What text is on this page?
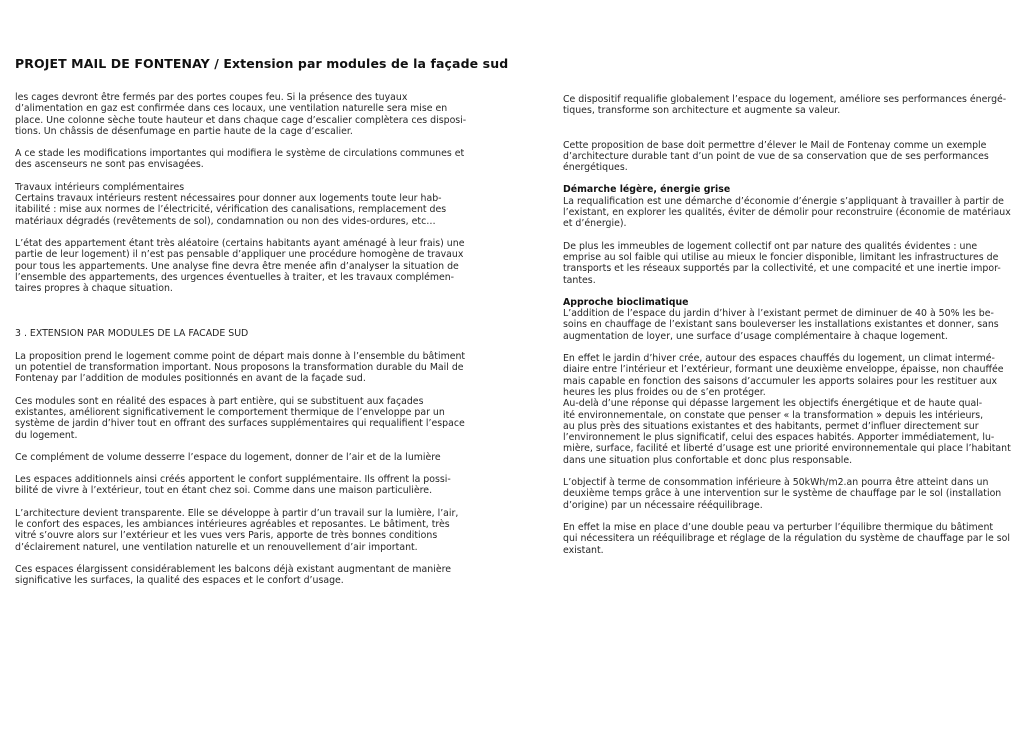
PROJET MAIL DE FONTENAY / Extension par modules de la façade sud

les cages devront être fermés par des portes coupes feu. Si la présence des tuyaux
d’alimentation en gaz est confirmée dans ces locaux, une ventilation naturelle sera mise en
place. Une colonne sèche toute hauteur et dans chaque cage d’escalier complètera ces disposi-
tions. Un châssis de désenfumage en partie haute de la cage d’escalier.

A ce stade les modifications importantes qui modifiera le système de circulations communes et
des ascenseurs ne sont pas envisagées.

Travaux intérieurs complémentaires

Certains travaux intérieurs restent nécessaires pour donner aux logements toute leur hab-
itabilité : mise aux normes de l’électricité, vérification des canalisations, remplacement des
matériaux dégradés (revêtements de sol), condamnation ou non des vides-ordures, etc…

L’état des appartement étant très aléatoire (certains habitants ayant aménagé à leur frais) une
partie de leur logement) il n’est pas pensable d’appliquer une procédure homogène de travaux
pour tous les appartements. Une analyse fine devra être menée afin d’analyser la situation de
l’ensemble des appartements, des urgences éventuelles à traiter, et les travaux complémen-
taires propres à chaque situation.

3 . EXTENSION PAR MODULES DE LA FACADE SUD

La proposition prend le logement comme point de départ mais donne à l’ensemble du bâtiment
un potentiel de transformation important. Nous proposons la transformation durable du Mail de
Fontenay par l’addition de modules positionnés en avant de la façade sud.

Ces modules sont en réalité des espaces à part entière, qui se substituent aux façades
existantes, améliorent significativement le comportement thermique de l’enveloppe par un
système de jardin d’hiver tout en offrant des surfaces supplémentaires qui requalifient l’espace
du logement.

Ce complément de volume desserre l’espace du logement, donner de l’air et de la lumière

Les espaces additionnels ainsi créés apportent le confort supplémentaire. Ils offrent la possi-
bilité de vivre à l’extérieur, tout en étant chez soi. Comme dans une maison particulière.

L’architecture devient transparente. Elle se développe à partir d’un travail sur la lumière, l’air,
le confort des espaces, les ambiances intérieures agréables et reposantes. Le bâtiment, très
vitré s’ouvre alors sur l’extérieur et les vues vers Paris, apporte de très bonnes conditions
d’éclairement naturel, une ventilation naturelle et un renouvellement d’air important.

Ces espaces élargissent considérablement les balcons déjà existant augmentant de manière
significative les surfaces, la qualité des espaces et le confort d’usage.

Ce dispositif requalifie globalement l’espace du logement, améliore ses performances énergé-
tiques, transforme son architecture et augmente sa valeur.

Cette proposition de base doit permettre d’élever le Mail de Fontenay comme un exemple
d’architecture durable tant d’un point de vue de sa conservation que de ses performances
énergétiques.

Démarche légère, énergie grise

La requalification est une démarche d’économie d’énergie s’appliquant à travailler à partir de
l’existant, en explorer les qualités, éviter de démolir pour reconstruire (économie de matériaux
et d’énergie).

De plus les immeubles de logement collectif ont par nature des qualités évidentes : une
emprise au sol faible qui utilise au mieux le foncier disponible, limitant les infrastructures de
transports et les réseaux supportés par la collectivité, et une compacité et une inertie impor-
tantes.

Approche bioclimatique

L’addition de l’espace du jardin d’hiver à l’existant permet de diminuer de 40 à 50% les be-
soins en chauffage de l’existant sans bouleverser les installations existantes et donner, sans
augmentation de loyer, une surface d’usage complémentaire à chaque logement.

En effet le jardin d’hiver crée, autour des espaces chauffés du logement, un climat intermé-
diaire entre l’intérieur et l’extérieur, formant une deuxième enveloppe, épaisse, non chauffée
mais capable en fonction des saisons d’accumuler les apports solaires pour les restituer aux
heures les plus froides ou de s’en protéger.
Au-delà d’une réponse qui dépasse largement les objectifs énergétique et de haute qual-
ité environnementale, on constate que penser « la transformation » depuis les intérieurs,
au plus près des situations existantes et des habitants, permet d’influer directement sur
l’environnement le plus significatif, celui des espaces habités. Apporter immédiatement, lu-
mière, surface, facilité et liberté d’usage est une priorité environnementale qui place l’habitant
dans une situation plus confortable et donc plus responsable.

L’objectif à terme de consommation inférieure à 50kWh/m2.an pourra être atteint dans un
deuxième temps grâce à une intervention sur le système de chauffage par le sol (installation
d’origine) par un nécessaire rééquilibrage.

En effet la mise en place d’une double peau va perturber l’équilibre thermique du bâtiment
qui nécessitera un rééquilibrage et réglage de la régulation du système de chauffage par le sol
existant.
